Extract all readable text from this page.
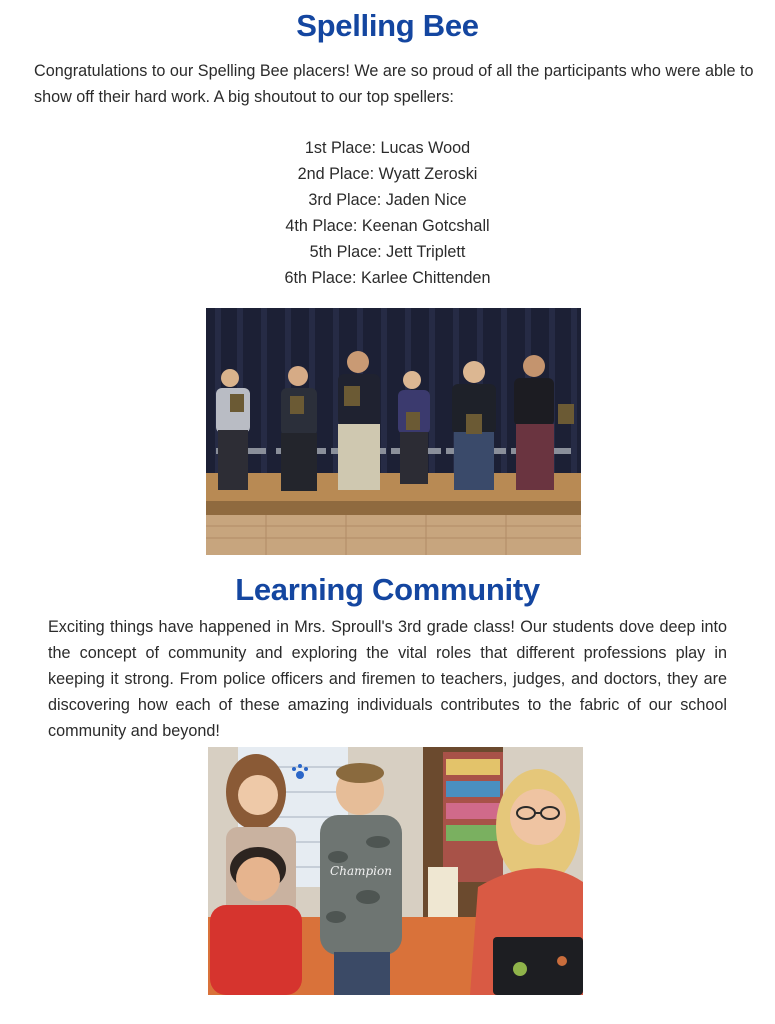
Spelling Bee

Congratulations to our Spelling Bee placers! We are so proud of all the participants who were able to show off their hard work. A big shoutout to our top spellers:

1st Place: Lucas Wood
2nd Place: Wyatt Zeroski
3rd Place: Jaden Nice
4th Place: Keenan Gotcshall
5th Place: Jett Triplett
6th Place: Karlee Chittenden
Learning Community

Exciting things have happened in Mrs. Sproull's 3rd grade class! Our students dove deep into the concept of community and exploring the vital roles that different professions play in keeping it strong. From police officers and firemen to teachers, judges, and doctors, they are discovering how each of these amazing individuals contributes to the fabric of our school community and beyond!

Champion
